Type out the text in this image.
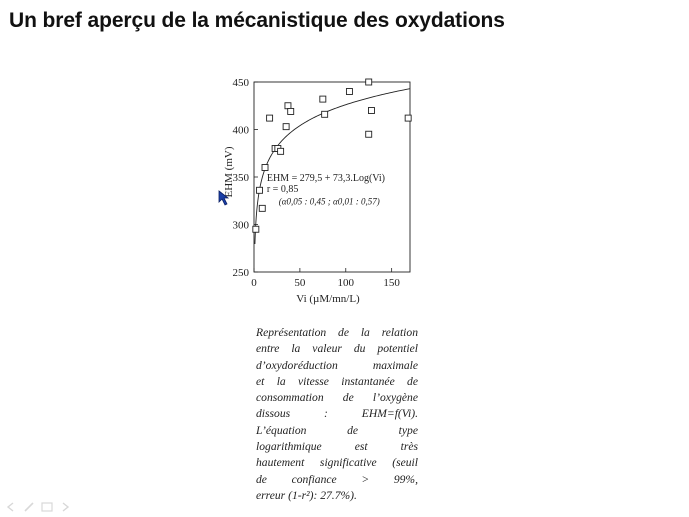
Un bref aperçu de la mécanistique des oxydations
250
300
350
400
450
0	50	100	150
Vi (µM/mn/L)
EHM (mV)	EHM = 279,5 + 73,3.Log(Vi)
r = 0,85
(α0,05 : 0,45 ; α0,01 : 0,57)
Représentation de la relation
entre la valeur du potentiel
d’oxydoréduction maximale
et la vitesse instantanée de
consommation de l’oxygène
dissous : EHM=f(Vi).
L’équation de type
logarithmique est très
hautement significative (seuil
de confiance > 99%,
erreur (1-r²): 27.7%).
